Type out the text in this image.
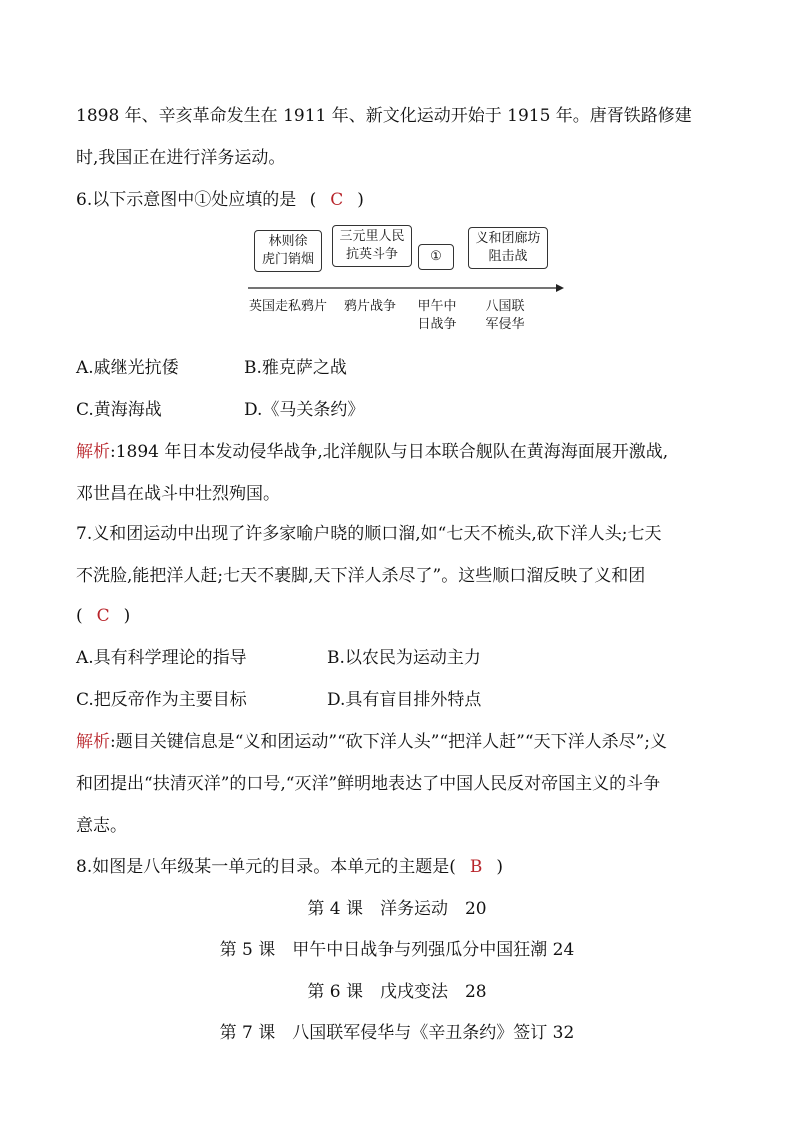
1898 年、辛亥革命发生在 1911 年、新文化运动开始于 1915 年。唐胥铁路修建
时,我国正在进行洋务运动。
6.以下示意图中①处应填的是 ( C )
林则徐
虎门销烟
三元里人民
抗英斗争	①
义和团廊坊
阻击战
英国走私鸦片	鸦片战争	甲午中
日战争
八国联
军侵华
A.戚继光抗倭	B.雅克萨之战
C.黄海海战	D.《马关条约》
解析:1894 年日本发动侵华战争,北洋舰队与日本联合舰队在黄海海面展开激战,
邓世昌在战斗中壮烈殉国。
7.义和团运动中出现了许多家喻户晓的顺口溜,如“七天不梳头,砍下洋人头;七天
不洗脸,能把洋人赶;七天不裹脚,天下洋人杀尽了”。这些顺口溜反映了义和团
( C )
A.具有科学理论的指导	B.以农民为运动主力
C.把反帝作为主要目标	D.具有盲目排外特点
解析:题目关键信息是“义和团运动”“砍下洋人头”“把洋人赶”“天下洋人杀尽”;义
和团提出“扶清灭洋”的口号,“灭洋”鲜明地表达了中国人民反对帝国主义的斗争
意志。
8.如图是八年级某一单元的目录。本单元的主题是( B )
第 4 课　洋务运动　20
第 5 课　甲午中日战争与列强瓜分中国狂潮 24
第 6 课　戊戌变法　28
第 7 课　八国联军侵华与《辛丑条约》签订 32
